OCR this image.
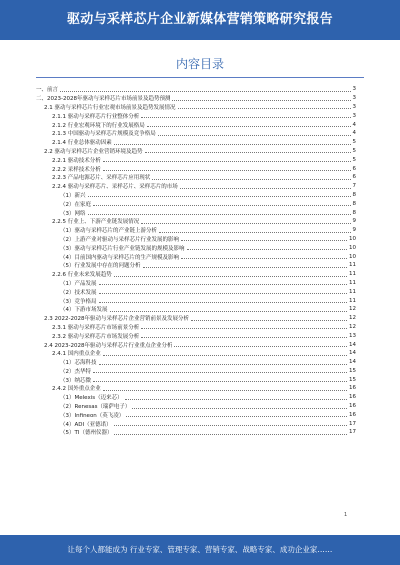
驱动与采样芯片企业新媒体营销策略研究报告
内容目录
一、前言	3
二、2023-2028年驱动与采样芯片市场前景及趋势预测	3
2.1 驱动与采样芯片行业宏观市场前景及趋势发展情况	3
2.1.1 驱动与采样芯片行业整体分析	3
2.1.2 行业宏观环境下的行业发展格局	4
2.1.3 中国驱动与采样芯片规模及竞争格局	4
2.1.4 行业总体驱动因素	5
2.2 驱动与采样芯片企业营销环境及趋势	5
2.2.1 驱动技术分析	5
2.2.2 采样技术分析	6
2.2.3 产品电源芯片、采样芯片应用现状	6
2.2.4 驱动与采样芯片、采样芯片、采样芯片的市场	7
（1）新兴	8
（2）在家庭	8
（3）网络	8
2.2.5 行业上、下游产业链发展情况	9
（1）驱动与采样芯片的产业链上游分析	9
（2）上游产业对驱动与采样芯片行业发展的影响	10
（3）驱动与采样芯片行业产业链发展的规模及影响	10
（4）目前国内驱动与采样芯片的生产规模及影响	10
（5）行业发展中存在的问题分析	11
2.2.6 行业未来发展趋势	11
（1）产品发展	11
（2）技术发展	11
（3）竞争格局	11
（4）下游市场发展	12
2.3 2022-2028年驱动与采样芯片企业营销前景及发展分析	12
2.3.1 驱动与采样芯片市场前景分析	12
2.3.2 驱动与采样芯片市场发展分析	13
2.4 2023-2028年驱动与采样芯片行业重点企业分析	14
2.4.1 国内重点企业	14
（1）芯海科技	14
（2）杰华特	15
（3）纳芯微	15
2.4.2 国外重点企业	16
（1）Melexis（迈来芯）	16
（2）Renesas（瑞萨电子）	16
（3）Infineon（英飞凌）	16
（4）ADI（亚德诺）	17
（5）TI（德州仪器）	17
1
让每个人都能成为 行业专家、管理专家、营销专家、战略专家、成功企业家……
